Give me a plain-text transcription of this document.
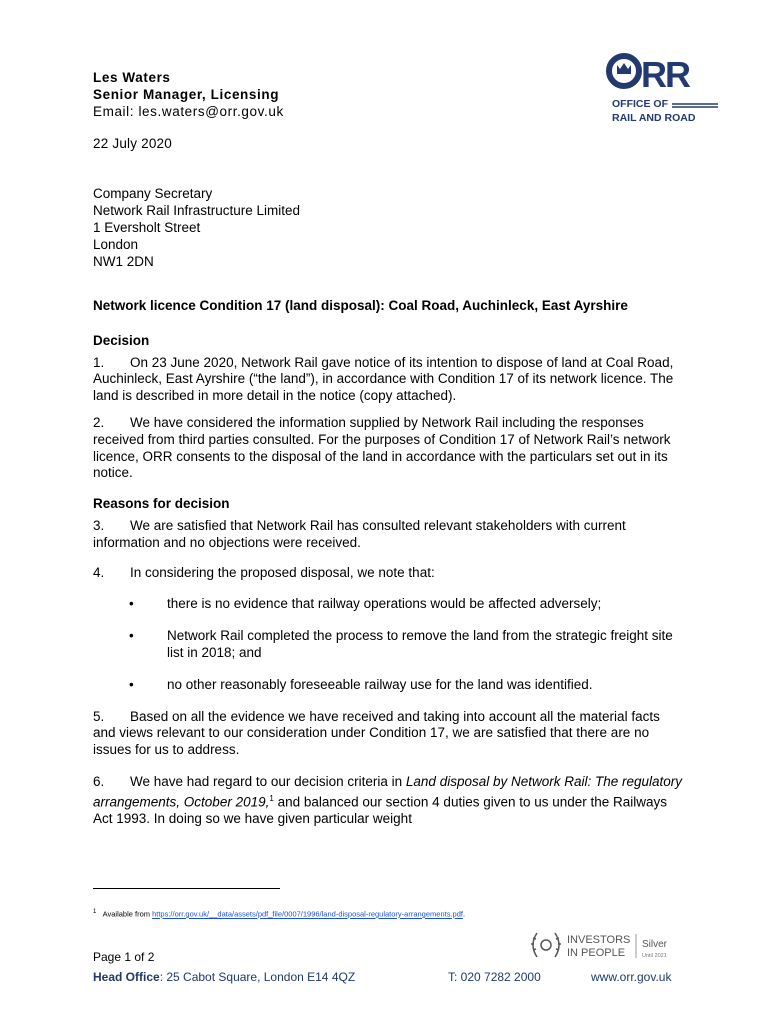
Les Waters
Senior Manager, Licensing
Email: les.waters@orr.gov.uk
RR
OFFICE OF
RAIL AND ROAD
22 July 2020
Company Secretary
Network Rail Infrastructure Limited
1 Eversholt Street
London
NW1 2DN
Network licence Condition 17 (land disposal): Coal Road, Auchinleck, East Ayrshire
Decision
1. On 23 June 2020, Network Rail gave notice of its intention to dispose of land at Coal Road, Auchinleck, East Ayrshire (“the land”), in accordance with Condition 17 of its network licence. The land is described in more detail in the notice (copy attached).
2. We have considered the information supplied by Network Rail including the responses received from third parties consulted. For the purposes of Condition 17 of Network Rail’s network licence, ORR consents to the disposal of the land in accordance with the particulars set out in its notice.
Reasons for decision
3. We are satisfied that Network Rail has consulted relevant stakeholders with current information and no objections were received.
4. In considering the proposed disposal, we note that:
• there is no evidence that railway operations would be affected adversely;
• Network Rail completed the process to remove the land from the strategic freight site list in 2018; and
• no other reasonably foreseeable railway use for the land was identified.
5. Based on all the evidence we have received and taking into account all the material facts and views relevant to our consideration under Condition 17, we are satisfied that there are no issues for us to address.
6. We have had regard to our decision criteria in Land disposal by Network Rail: The regulatory arrangements, October 2019,$^1$ and balanced our section 4 duties given to us under the Railways Act 1993. In doing so we have given particular weight
$^1$ Available from https://orr.gov.uk/__data/assets/pdf_file/0007/1996/land-disposal-regulatory-arrangements.pdf.
INVESTORS
IN PEOPLE
Silver
Until 2021
Page 1 of 2
Head Office: 25 Cabot Square, London E14 4QZ	T: 020 7282 2000	www.orr.gov.uk
